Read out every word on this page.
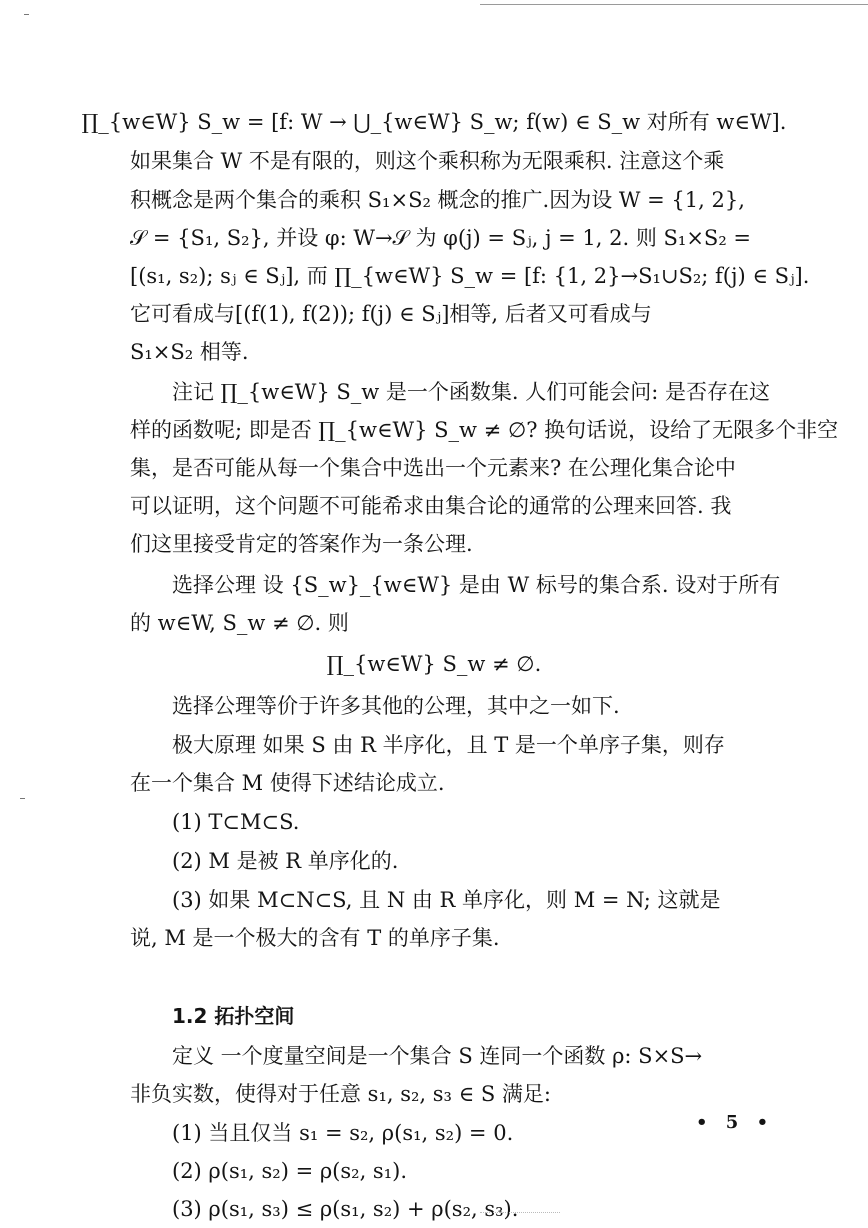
∏_{w∈W} S_w = [f: W → ⋃_{w∈W} S_w; f(w) ∈ S_w 对所有 w∈W].
如果集合 W 不是有限的，则这个乘积称为无限乘积. 注意这个乘
积概念是两个集合的乘积 S₁×S₂ 概念的推广.因为设 W = {1, 2},
𝒮 = {S₁, S₂}, 并设 φ: W→𝒮 为 φ(j) = Sⱼ, j = 1, 2. 则 S₁×S₂ =
[(s₁, s₂); sⱼ ∈ Sⱼ], 而 ∏_{w∈W} S_w = [f: {1, 2}→S₁∪S₂; f(j) ∈ Sⱼ].
它可看成与[(f(1), f(2)); f(j) ∈ Sⱼ]相等, 后者又可看成与
S₁×S₂ 相等.
注记 ∏_{w∈W} S_w 是一个函数集. 人们可能会问: 是否存在这
样的函数呢; 即是否 ∏_{w∈W} S_w ≠ ∅? 换句话说，设给了无限多个非空
集，是否可能从每一个集合中选出一个元素来? 在公理化集合论中
可以证明，这个问题不可能希求由集合论的通常的公理来回答. 我
们这里接受肯定的答案作为一条公理.
选择公理 设 {S_w}_{w∈W} 是由 W 标号的集合系. 设对于所有
的 w∈W, S_w ≠ ∅. 则
∏_{w∈W} S_w ≠ ∅.
选择公理等价于许多其他的公理，其中之一如下.
极大原理 如果 S 由 R 半序化，且 T 是一个单序子集，则存
在一个集合 M 使得下述结论成立.
(1) T⊂M⊂S.
(2) M 是被 R 单序化的.
(3) 如果 M⊂N⊂S, 且 N 由 R 单序化，则 M = N; 这就是
说, M 是一个极大的含有 T 的单序子集.
1.2 拓扑空间
定义 一个度量空间是一个集合 S 连同一个函数 ρ: S×S→
非负实数，使得对于任意 s₁, s₂, s₃ ∈ S 满足:
(1) 当且仅当 s₁ = s₂, ρ(s₁, s₂) = 0.
(2) ρ(s₁, s₂) = ρ(s₂, s₁).
(3) ρ(s₁, s₃) ≤ ρ(s₁, s₂) + ρ(s₂, s₃).
• 5 •
